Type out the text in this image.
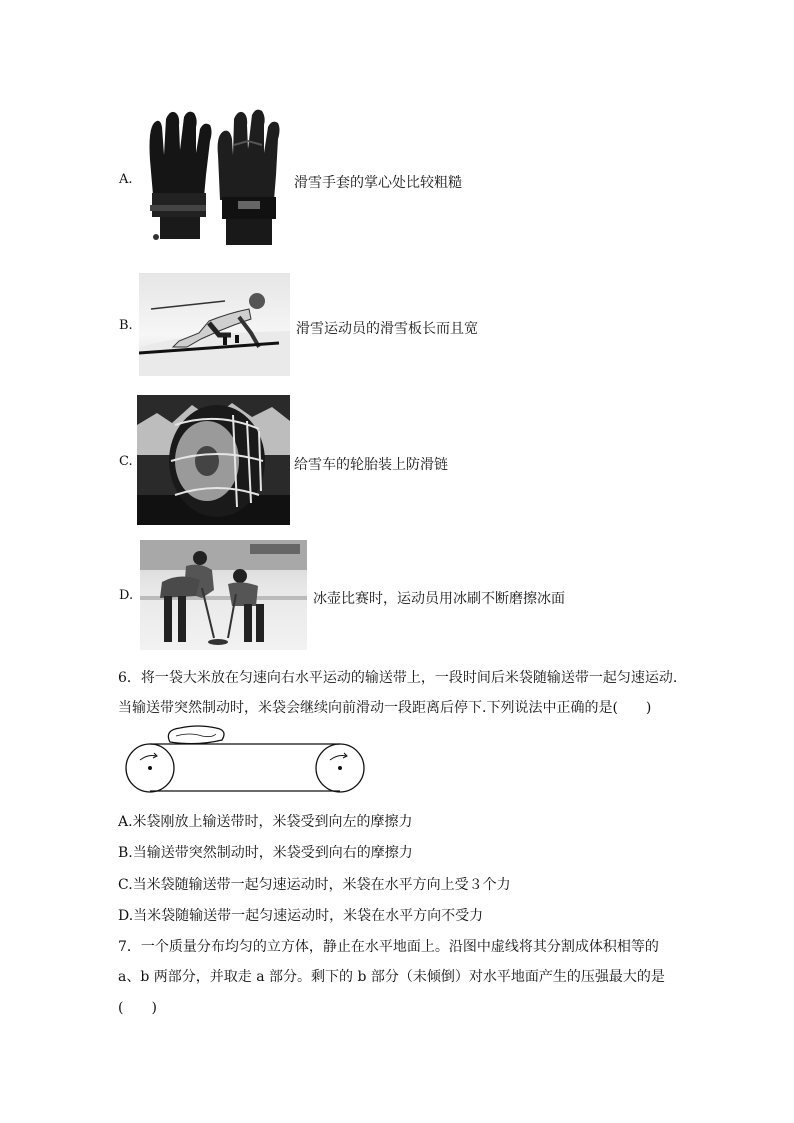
A.	滑雪手套的掌心处比较粗糙
B.	滑雪运动员的滑雪板长而且宽
C.	给雪车的轮胎装上防滑链
D.	冰壶比赛时，运动员用冰刷不断磨擦冰面
6．将一袋大米放在匀速向右水平运动的输送带上，一段时间后米袋随输送带一起匀速运动.
当输送带突然制动时，米袋会继续向前滑动一段距离后停下.下列说法中正确的是(　　)
A.米袋刚放上输送带时，米袋受到向左的摩擦力
B.当输送带突然制动时，米袋受到向右的摩擦力
C.当米袋随输送带一起匀速运动时，米袋在水平方向上受３个力
D.当米袋随输送带一起匀速运动时，米袋在水平方向不受力
7．一个质量分布均匀的立方体，静止在水平地面上。沿图中虚线将其分割成体积相等的
a、b 两部分，并取走 a 部分。剩下的 b 部分（未倾倒）对水平地面产生的压强最大的是
(　　)
